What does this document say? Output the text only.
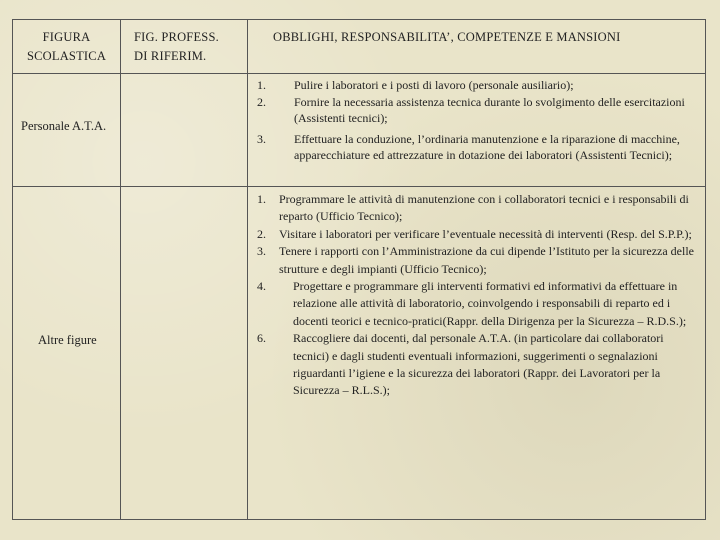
FIGURA
SCOLASTICA
FIG. PROFESS.
DI RIFERIM.
OBBLIGHI, RESPONSABILITA’, COMPETENZE E MANSIONI
Personale A.T.A.
1. Pulire i laboratori e i posti di lavoro (personale ausiliario);
2. Fornire la necessaria assistenza tecnica durante lo svolgimento delle esercitazioni (Assistenti tecnici);
3. Effettuare la conduzione, l’ordinaria manutenzione e la riparazione di macchine, apparecchiature ed attrezzature in dotazione dei laboratori (Assistenti Tecnici);
Altre figure
1. Programmare le attività di manutenzione con i collaboratori tecnici e i responsabili di reparto (Ufficio Tecnico);
2. Visitare i laboratori per verificare l’eventuale necessità di interventi (Resp. del S.P.P.);
3. Tenere i rapporti con l’Amministrazione da cui dipende l’Istituto per la sicurezza delle strutture e degli impianti (Ufficio Tecnico);
4. Progettare e programmare gli interventi formativi ed informativi da effettuare in relazione alle attività di laboratorio, coinvolgendo i responsabili di reparto ed i docenti teorici e tecnico-pratici(Rappr. della Dirigenza per la Sicurezza – R.D.S.);
6. Raccogliere dai docenti, dal personale A.T.A. (in particolare dai collaboratori tecnici) e dagli studenti eventuali informazioni, suggerimenti o segnalazioni riguardanti l’igiene e la sicurezza dei laboratori (Rappr. dei Lavoratori per la Sicurezza – R.L.S.);
